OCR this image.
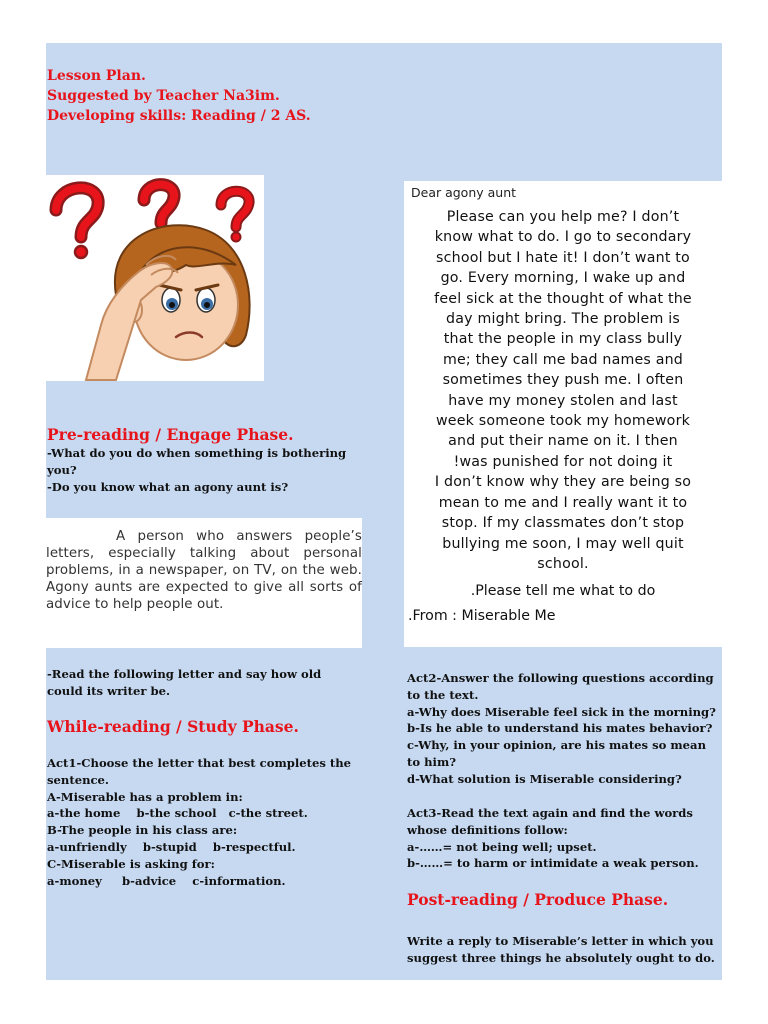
Lesson Plan.
Suggested by Teacher Na3im.
Developing skills: Reading / 2 AS.
Dear agony aunt
Please can you help me? I don’t
know what to do. I go to secondary
school but I hate it! I don’t want to
go. Every morning, I wake up and
feel sick at the thought of what the
day might bring. The problem is
that the people in my class bully
me; they call me bad names and
sometimes they push me. I often
have my money stolen and last
week someone took my homework
and put their name on it. I then
!was punished for not doing it
I don’t know why they are being so
mean to me and I really want it to
stop. If my classmates don’t stop
bullying me soon, I may well quit
school.
.Please tell me what to do
.From : Miserable Me
Pre-reading / Engage Phase.
-What do you do when something is bothering
you?
-Do you know what an agony aunt is?
A person who answers people’s letters, especially talking about personal problems, in a newspaper, on TV, on the web. Agony aunts are expected to give all sorts of advice to help people out.
-Read the following letter and say how old
could its writer be.
While-reading / Study Phase.
Act1-Choose the letter that best completes the
sentence.
A-Miserable has a problem in:
a-the home    b-the school   c-the street.
B-The people in his class are:
a-unfriendly    b-stupid    b-respectful.
C-Miserable is asking for:
a-money     b-advice    c-information.
Act2-Answer the following questions according
to the text.
a-Why does Miserable feel sick in the morning?
b-Is he able to understand his mates behavior?
c-Why, in your opinion, are his mates so mean
to him?
d-What solution is Miserable considering?
Act3-Read the text again and find the words
whose definitions follow:
a-……= not being well; upset.
b-……= to harm or intimidate a weak person.
Post-reading / Produce Phase.
Write a reply to Miserable’s letter in which you
suggest three things he absolutely ought to do.
